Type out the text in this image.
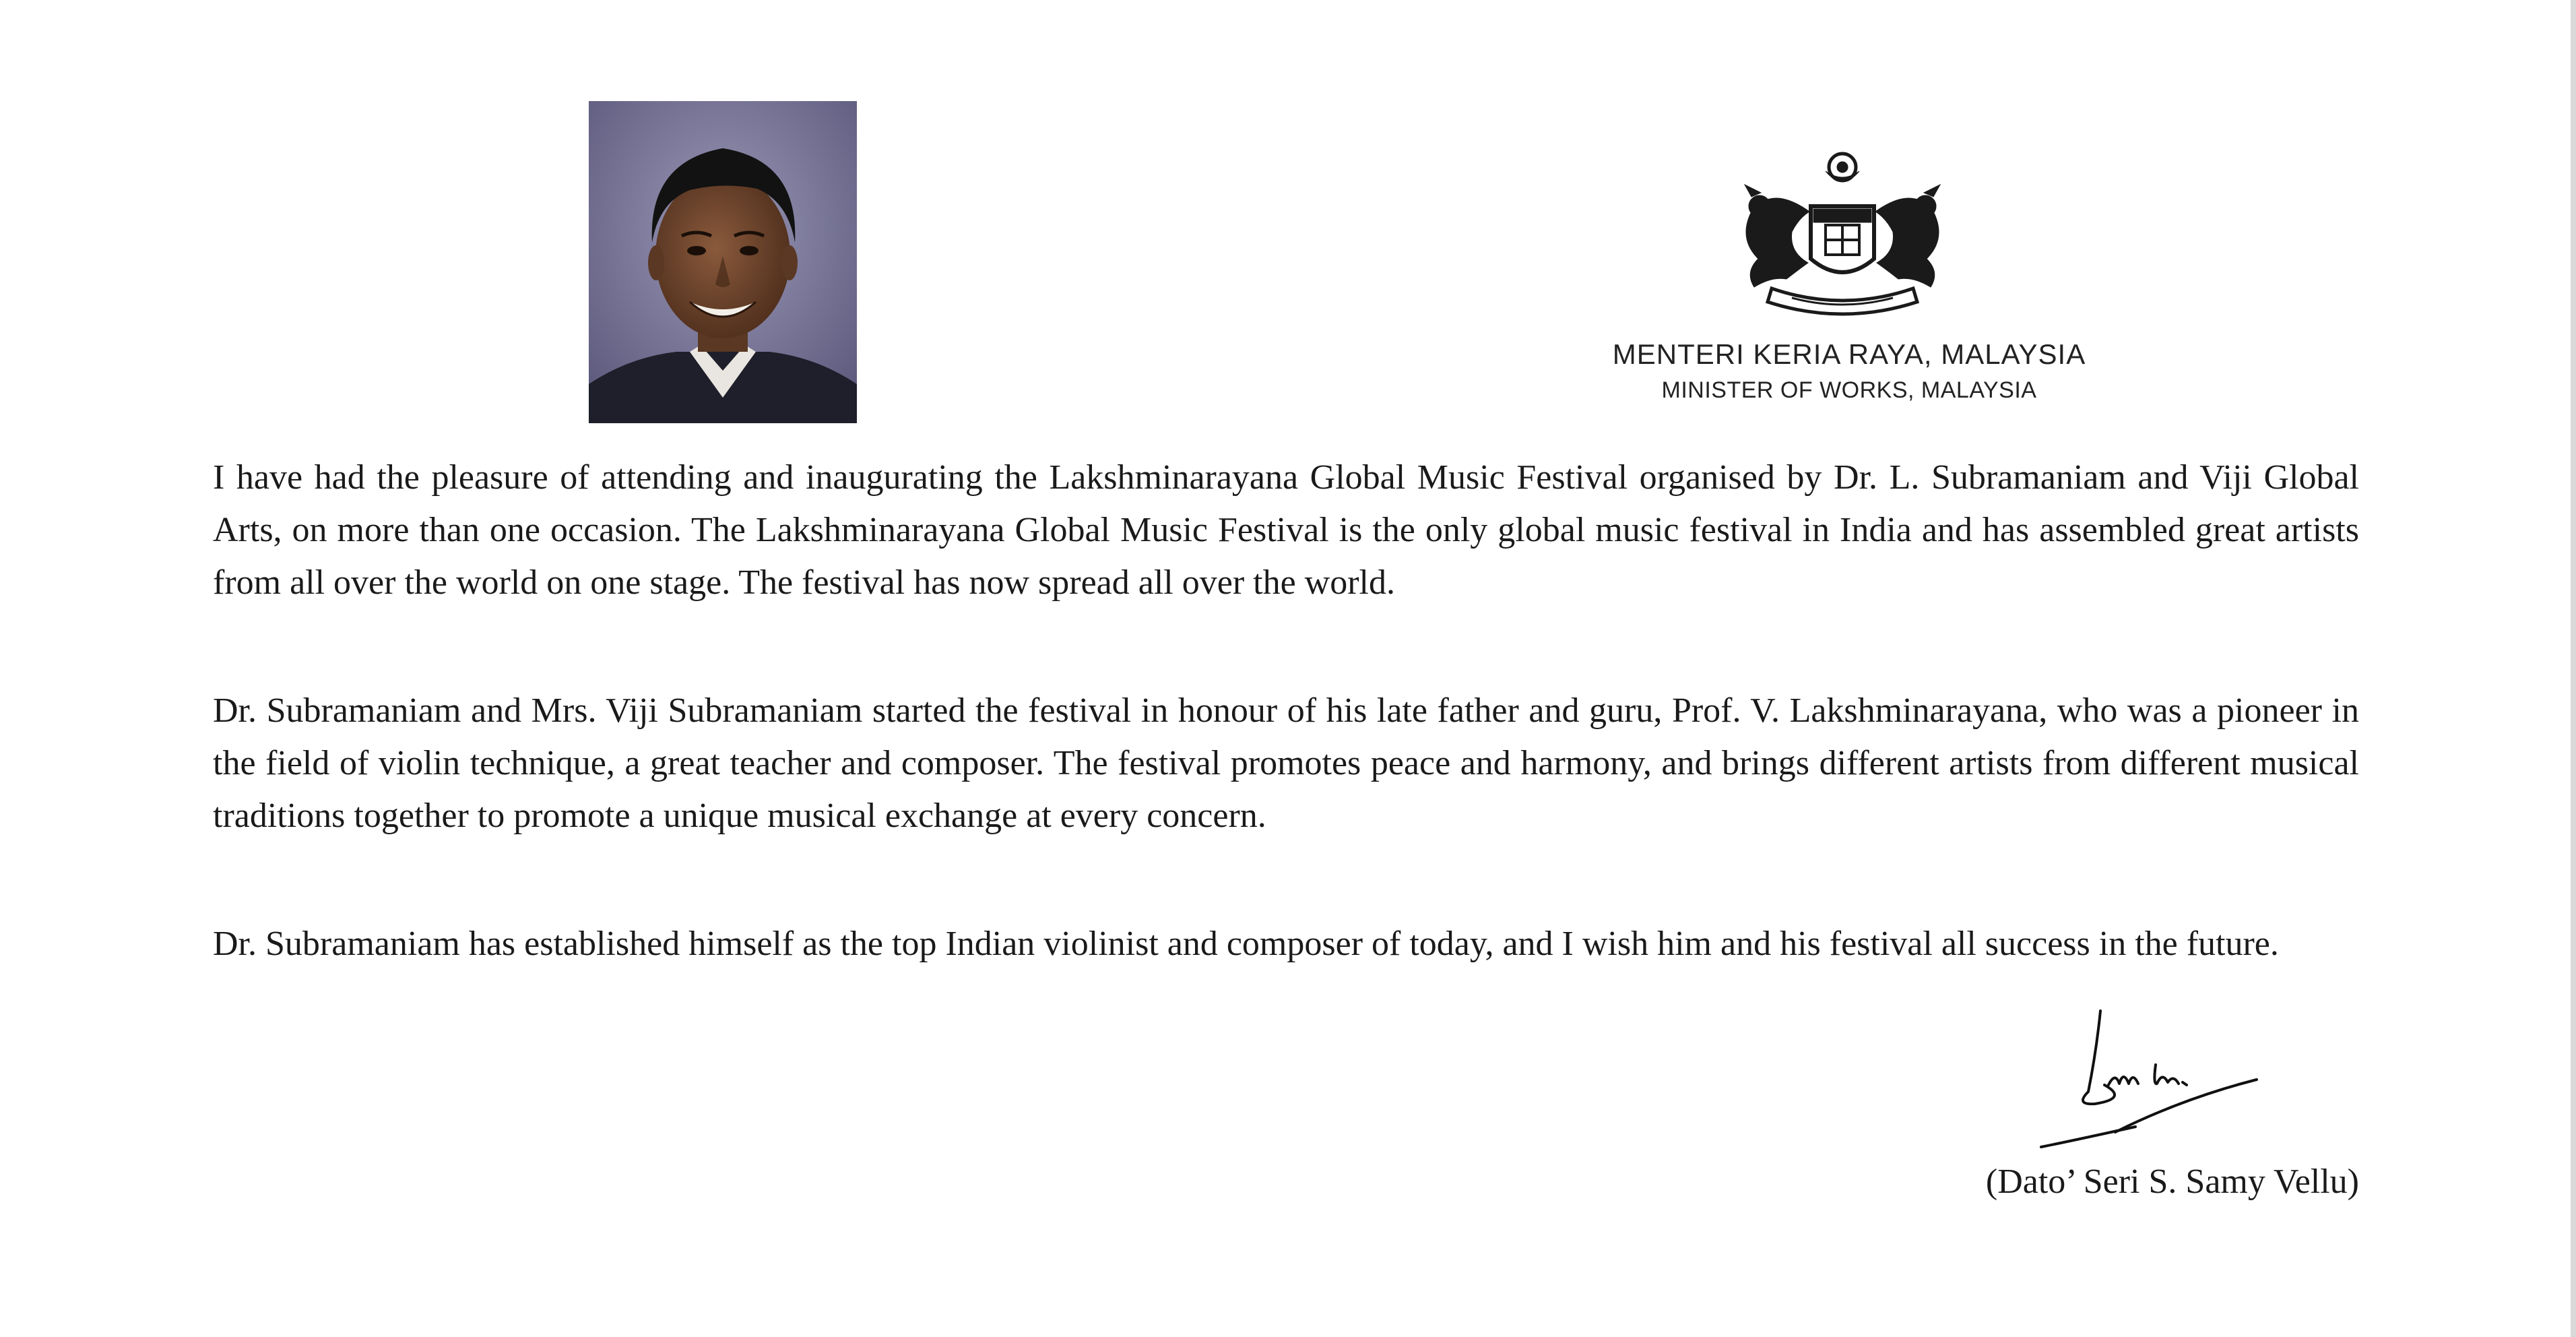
MENTERI KERIA RAYA, MALAYSIA
MINISTER OF WORKS, MALAYSIA

I have had the pleasure of attending and inaugurating the Lakshminarayana Global Music Festival organised by Dr. L. Subramaniam and Viji Global Arts, on more than one occasion. The Lakshminarayana Global Music Festival is the only global music festival in India and has assembled great artists from all over the world on one stage. The festival has now spread all over the world.

Dr. Subramaniam and Mrs. Viji Subramaniam started the festival in honour of his late father and guru, Prof. V. Lakshminarayana, who was a pioneer in the field of violin technique, a great teacher and composer. The festival promotes peace and harmony, and brings different artists from different musical traditions together to promote a unique musical exchange at every concern.

Dr. Subramaniam has established himself as the top Indian violinist and composer of today, and I wish him and his festival all success in the future.

(Dato’ Seri S. Samy Vellu)
